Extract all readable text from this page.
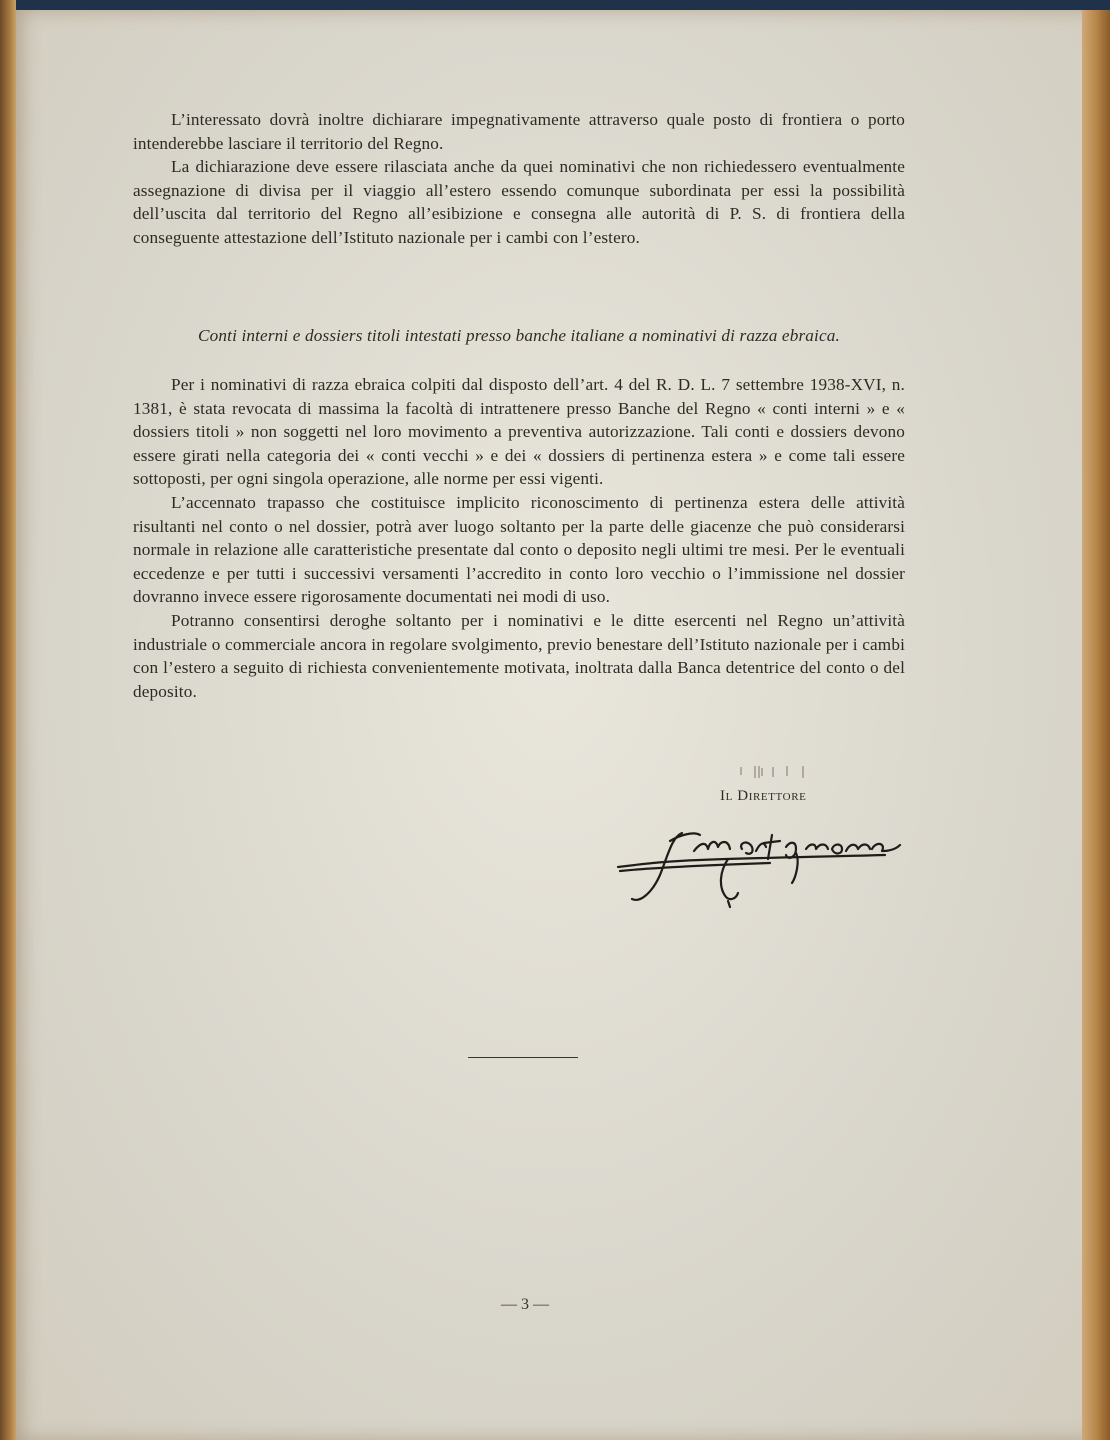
L’interessato dovrà inoltre dichiarare impegnativamente attraverso quale posto di frontiera o porto intenderebbe lasciare il territorio del Regno.

La dichiarazione deve essere rilasciata anche da quei nominativi che non richiedessero eventualmente assegnazione di divisa per il viaggio all’estero essendo comunque subordinata per essi la possibilità dell’uscita dal territorio del Regno all’esibizione e consegna alle autorità di P. S. di frontiera della conseguente attestazione dell’Istituto nazionale per i cambi con l’estero.

Conti interni e dossiers titoli intestati presso banche italiane a nominativi di razza ebraica.

Per i nominativi di razza ebraica colpiti dal disposto dell’art. 4 del R. D. L. 7 settembre 1938-XVI, n. 1381, è stata revocata di massima la facoltà di intrattenere presso Banche del Regno « conti interni » e « dossiers titoli » non soggetti nel loro movimento a preventiva autorizzazione. Tali conti e dossiers devono essere girati nella categoria dei « conti vecchi » e dei « dossiers di pertinenza estera » e come tali essere sottoposti, per ogni singola operazione, alle norme per essi vigenti.

L’accennato trapasso che costituisce implicito riconoscimento di pertinenza estera delle attività risultanti nel conto o nel dossier, potrà aver luogo soltanto per la parte delle giacenze che può considerarsi normale in relazione alle caratteristiche presentate dal conto o deposito negli ultimi tre mesi. Per le eventuali eccedenze e per tutti i successivi versamenti l’accredito in conto loro vecchio o l’immissione nel dossier dovranno invece essere rigorosamente documentati nei modi di uso.

Potranno consentirsi deroghe soltanto per i nominativi e le ditte esercenti nel Regno un’attività industriale o commerciale ancora in regolare svolgimento, previo benestare dell’Istituto nazionale per i cambi con l’estero a seguito di richiesta convenientemente motivata, inoltrata dalla Banca detentrice del conto o del deposito.

Il Direttore
— 3 —
